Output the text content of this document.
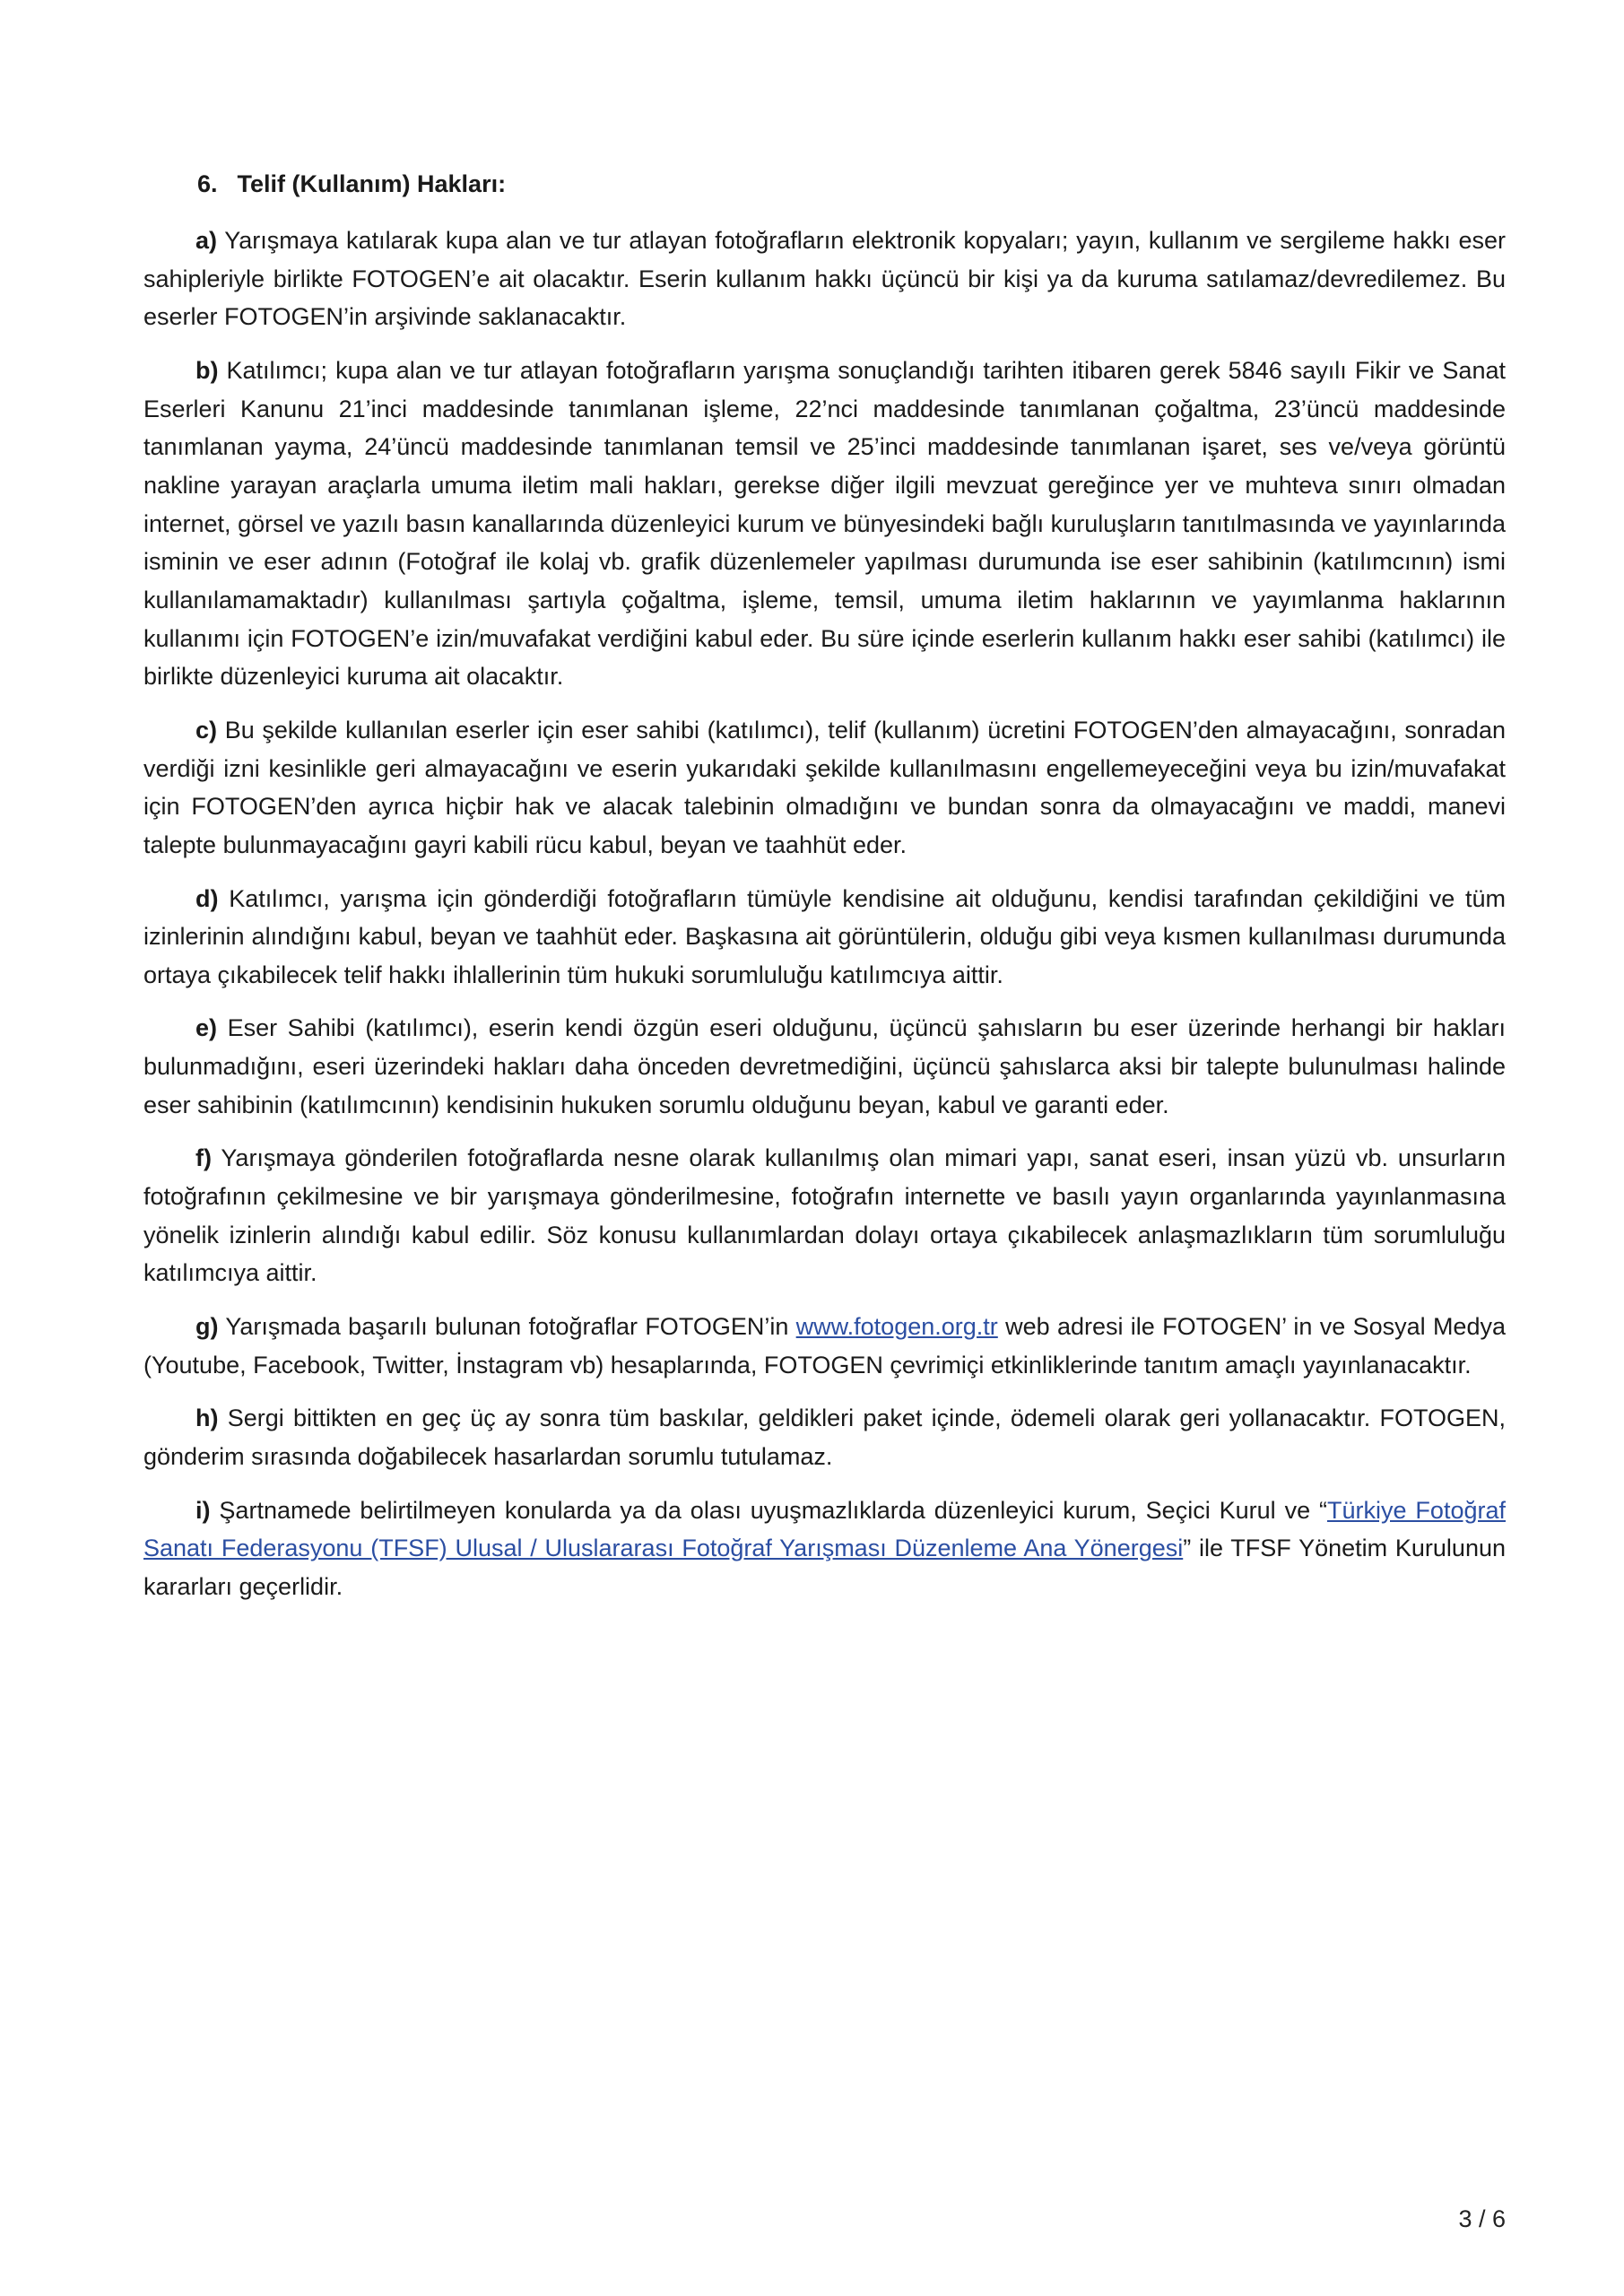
6. Telif (Kullanım) Hakları:

a) Yarışmaya katılarak kupa alan ve tur atlayan fotoğrafların elektronik kopyaları; yayın, kullanım ve sergileme hakkı eser sahipleriyle birlikte FOTOGEN’e ait olacaktır. Eserin kullanım hakkı üçüncü bir kişi ya da kuruma satılamaz/devredilemez. Bu eserler FOTOGEN’in arşivinde saklanacaktır.

b) Katılımcı; kupa alan ve tur atlayan fotoğrafların yarışma sonuçlandığı tarihten itibaren gerek 5846 sayılı Fikir ve Sanat Eserleri Kanunu 21’inci maddesinde tanımlanan işleme, 22’nci maddesinde tanımlanan çoğaltma, 23’üncü maddesinde tanımlanan yayma, 24’üncü maddesinde tanımlanan temsil ve 25’inci maddesinde tanımlanan işaret, ses ve/veya görüntü nakline yarayan araçlarla umuma iletim mali hakları, gerekse diğer ilgili mevzuat gereğince yer ve muhteva sınırı olmadan internet, görsel ve yazılı basın kanallarında düzenleyici kurum ve bünyesindeki bağlı kuruluşların tanıtılmasında ve yayınlarında isminin ve eser adının (Fotoğraf ile kolaj vb. grafik düzenlemeler yapılması durumunda ise eser sahibinin (katılımcının) ismi kullanılamamaktadır) kullanılması şartıyla çoğaltma, işleme, temsil, umuma iletim haklarının ve yayımlanma haklarının kullanımı için FOTOGEN’e izin/muvafakat verdiğini kabul eder. Bu süre içinde eserlerin kullanım hakkı eser sahibi (katılımcı) ile birlikte düzenleyici kuruma ait olacaktır.

c) Bu şekilde kullanılan eserler için eser sahibi (katılımcı), telif (kullanım) ücretini FOTOGEN’den almayacağını, sonradan verdiği izni kesinlikle geri almayacağını ve eserin yukarıdaki şekilde kullanılmasını engellemeyeceğini veya bu izin/muvafakat için FOTOGEN’den ayrıca hiçbir hak ve alacak talebinin olmadığını ve bundan sonra da olmayacağını ve maddi, manevi talepte bulunmayacağını gayri kabili rücu kabul, beyan ve taahhüt eder.

d) Katılımcı, yarışma için gönderdiği fotoğrafların tümüyle kendisine ait olduğunu, kendisi tarafından çekildiğini ve tüm izinlerinin alındığını kabul, beyan ve taahhüt eder. Başkasına ait görüntülerin, olduğu gibi veya kısmen kullanılması durumunda ortaya çıkabilecek telif hakkı ihlallerinin tüm hukuki sorumluluğu katılımcıya aittir.

e) Eser Sahibi (katılımcı), eserin kendi özgün eseri olduğunu, üçüncü şahısların bu eser üzerinde herhangi bir hakları bulunmadığını, eseri üzerindeki hakları daha önceden devretmediğini, üçüncü şahıslarca aksi bir talepte bulunulması halinde eser sahibinin (katılımcının) kendisinin hukuken sorumlu olduğunu beyan, kabul ve garanti eder.

f) Yarışmaya gönderilen fotoğraflarda nesne olarak kullanılmış olan mimari yapı, sanat eseri, insan yüzü vb. unsurların fotoğrafının çekilmesine ve bir yarışmaya gönderilmesine, fotoğrafın internette ve basılı yayın organlarında yayınlanmasına yönelik izinlerin alındığı kabul edilir. Söz konusu kullanımlardan dolayı ortaya çıkabilecek anlaşmazlıkların tüm sorumluluğu katılımcıya aittir.

g) Yarışmada başarılı bulunan fotoğraflar FOTOGEN’in www.fotogen.org.tr web adresi ile FOTOGEN’ in ve Sosyal Medya (Youtube, Facebook, Twitter, İnstagram vb) hesaplarında, FOTOGEN çevrimiçi etkinliklerinde tanıtım amaçlı yayınlanacaktır.

h) Sergi bittikten en geç üç ay sonra tüm baskılar, geldikleri paket içinde, ödemeli olarak geri yollanacaktır. FOTOGEN, gönderim sırasında doğabilecek hasarlardan sorumlu tutulamaz.

i) Şartnamede belirtilmeyen konularda ya da olası uyuşmazlıklarda düzenleyici kurum, Seçici Kurul ve “Türkiye Fotoğraf Sanatı Federasyonu (TFSF) Ulusal / Uluslararası Fotoğraf Yarışması Düzenleme Ana Yönergesi” ile TFSF Yönetim Kurulunun kararları geçerlidir.

3 / 6
